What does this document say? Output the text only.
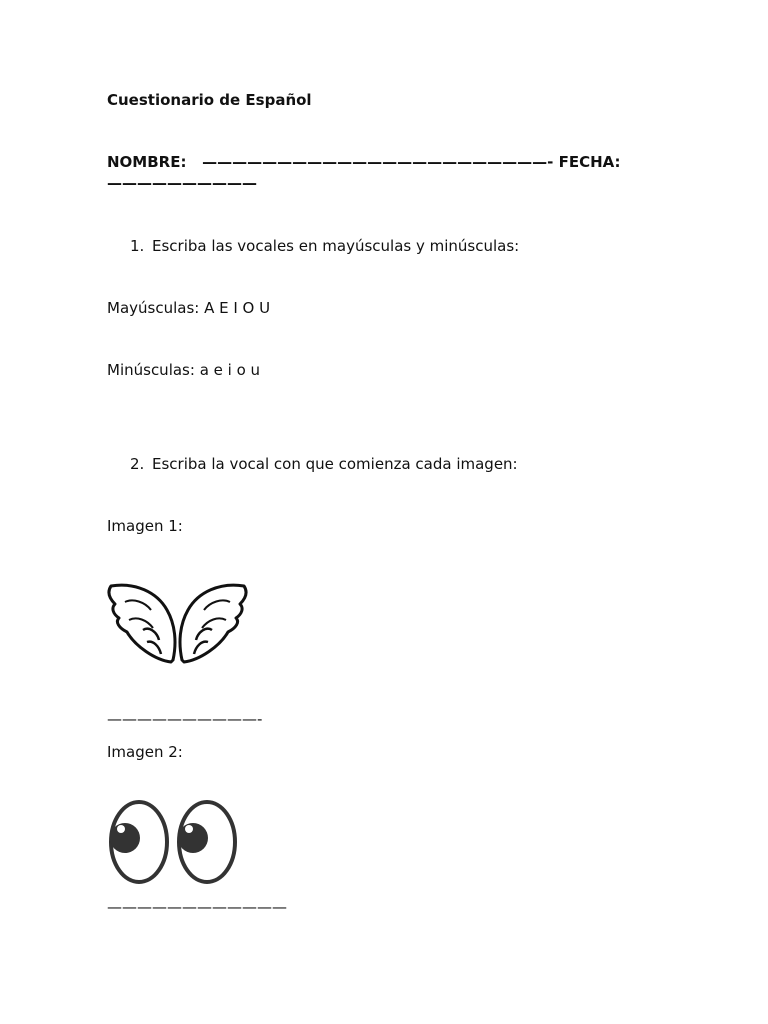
Cuestionario de Español
NOMBRE: ———————————————————————- FECHA:
——————————
1. Escriba las vocales en mayúsculas y minúsculas:
Mayúsculas: A E I O U
Minúsculas: a e i o u
2. Escriba la vocal con que comienza cada imagen:
Imagen 1:
——————————-
Imagen 2:
————————————
